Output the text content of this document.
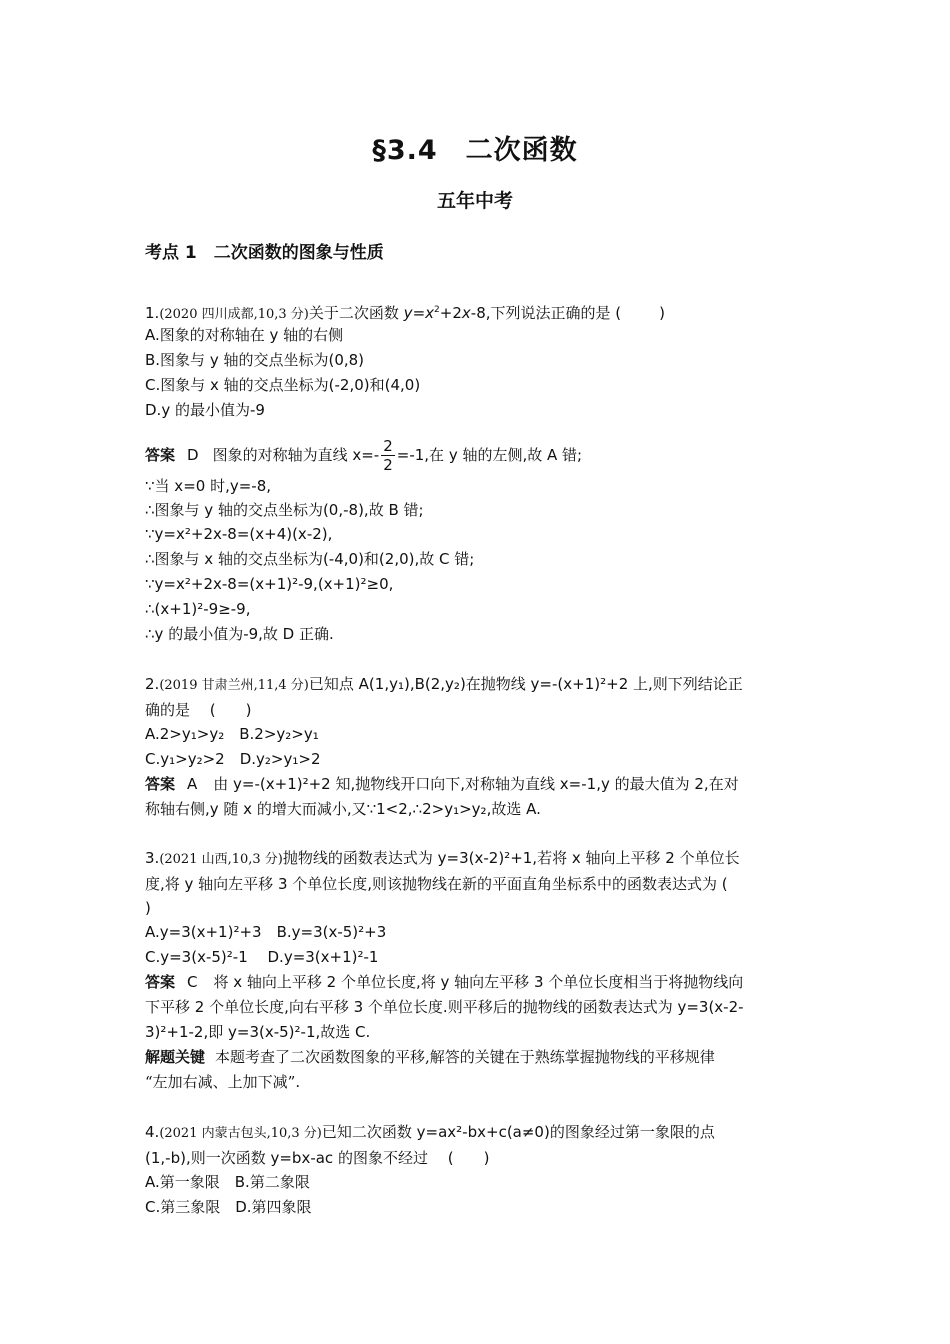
§3.4　二次函数
五年中考
考点 1　二次函数的图象与性质
1.(2020 四川成都,10,3 分)关于二次函数 $y=x^2+2x-8$,下列说法正确的是 (	)
A.图象的对称轴在 y 轴的右侧
B.图象与 y 轴的交点坐标为(0,8)
C.图象与 x 轴的交点坐标为(-2,0)和(4,0)
D.y 的最小值为-9
答案 D 图象的对称轴为直线 $x=- \frac{2}{2} =-1$,在 y 轴的左侧,故 A 错;
∵当 x=0 时,y=-8,
∴图象与 y 轴的交点坐标为(0,-8),故 B 错;
∵y=x²+2x-8=(x+4)(x-2),
∴图象与 x 轴的交点坐标为(-4,0)和(2,0),故 C 错;
∵y=x²+2x-8=(x+1)²-9,(x+1)²≥0,
∴(x+1)²-9≥-9,
∴y 的最小值为-9,故 D 正确.
2.(2019 甘肃兰州,11,4 分)已知点 A(1,y₁),B(2,y₂)在抛物线 y=-(x+1)²+2 上,则下列结论正
确的是　 (　　)
A.2>y₁>y₂　B.2>y₂>y₁
C.y₁>y₂>2　D.y₂>y₁>2
答案 A 由 y=-(x+1)²+2 知,抛物线开口向下,对称轴为直线 x=-1,y 的最大值为 2,在对
称轴右侧,y 随 x 的增大而减小,又∵1<2,∴2>y₁>y₂,故选 A.
3.(2021 山西,10,3 分)抛物线的函数表达式为 y=3(x-2)²+1,若将 x 轴向上平移 2 个单位长
度,将 y 轴向左平移 3 个单位长度,则该抛物线在新的平面直角坐标系中的函数表达式为 (
)
A.y=3(x+1)²+3　B.y=3(x-5)²+3
C.y=3(x-5)²-1　 D.y=3(x+1)²-1
答案 C 将 x 轴向上平移 2 个单位长度,将 y 轴向左平移 3 个单位长度相当于将抛物线向
下平移 2 个单位长度,向右平移 3 个单位长度.则平移后的抛物线的函数表达式为 y=3(x-2-
3)²+1-2,即 y=3(x-5)²-1,故选 C.
解题关键 本题考查了二次函数图象的平移,解答的关键在于熟练掌握抛物线的平移规律
“左加右减、上加下减”.
4.(2021 内蒙古包头,10,3 分)已知二次函数 y=ax²-bx+c(a≠0)的图象经过第一象限的点
(1,-b),则一次函数 y=bx-ac 的图象不经过　 (　　)
A.第一象限　B.第二象限
C.第三象限　D.第四象限
